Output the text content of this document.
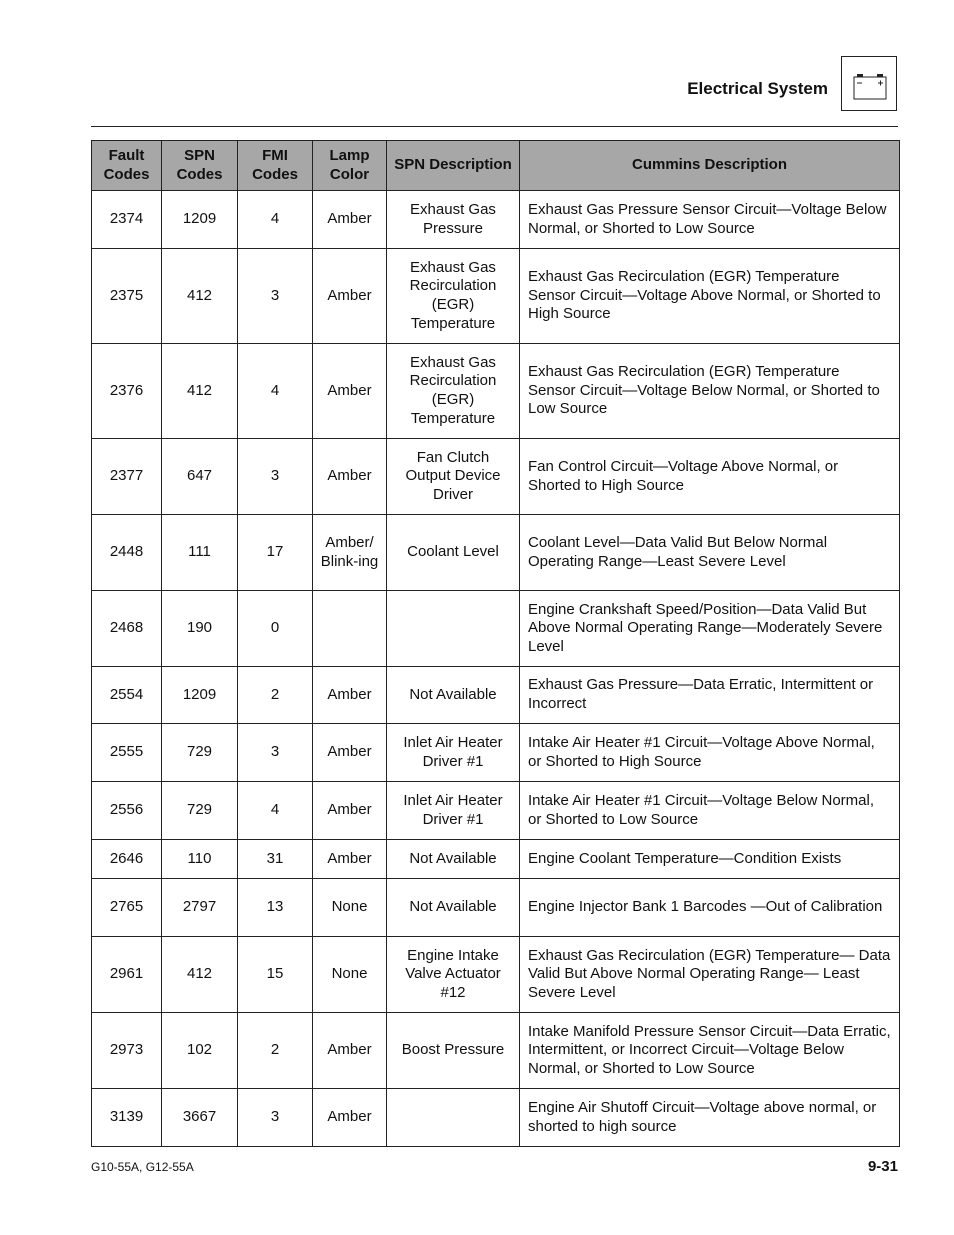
Electrical System
Fault Codes	SPN Codes	FMI Codes	Lamp Color	SPN Description	Cummins Description
2374	1209	4	Amber	Exhaust Gas Pressure	Exhaust Gas Pressure Sensor Circuit—Voltage Below Normal, or Shorted to Low Source
2375	412	3	Amber	Exhaust Gas Recirculation (EGR) Temperature	Exhaust Gas Recirculation (EGR) Temperature Sensor Circuit—Voltage Above Normal, or Shorted to High Source
2376	412	4	Amber	Exhaust Gas Recirculation (EGR) Temperature	Exhaust Gas Recirculation (EGR) Temperature Sensor Circuit—Voltage Below Normal, or Shorted to Low Source
2377	647	3	Amber	Fan Clutch Output Device Driver	Fan Control Circuit—Voltage Above Normal, or Shorted to High Source
2448	111	17	Amber/ Blink-ing	Coolant Level	Coolant Level—Data Valid But Below Normal Operating Range—Least Severe Level
2468	190	0			Engine Crankshaft Speed/Position—Data Valid But Above Normal Operating Range—Moderately Severe Level
2554	1209	2	Amber	Not Available	Exhaust Gas Pressure—Data Erratic, Intermittent or Incorrect
2555	729	3	Amber	Inlet Air Heater Driver #1	Intake Air Heater #1 Circuit—Voltage Above Normal, or Shorted to High Source
2556	729	4	Amber	Inlet Air Heater Driver #1	Intake Air Heater #1 Circuit—Voltage Below Normal, or Shorted to Low Source
2646	110	31	Amber	Not Available	Engine Coolant Temperature—Condition Exists
2765	2797	13	None	Not Available	Engine Injector Bank 1 Barcodes —Out of Calibration
2961	412	15	None	Engine Intake Valve Actuator #12	Exhaust Gas Recirculation (EGR) Temperature— Data Valid But Above Normal Operating Range— Least Severe Level
2973	102	2	Amber	Boost Pressure	Intake Manifold Pressure Sensor Circuit—Data Erratic, Intermittent, or Incorrect Circuit—Voltage Below Normal, or Shorted to Low Source
3139	3667	3	Amber		Engine Air Shutoff Circuit—Voltage above normal, or shorted to high source
G10-55A, G12-55A	9-31
